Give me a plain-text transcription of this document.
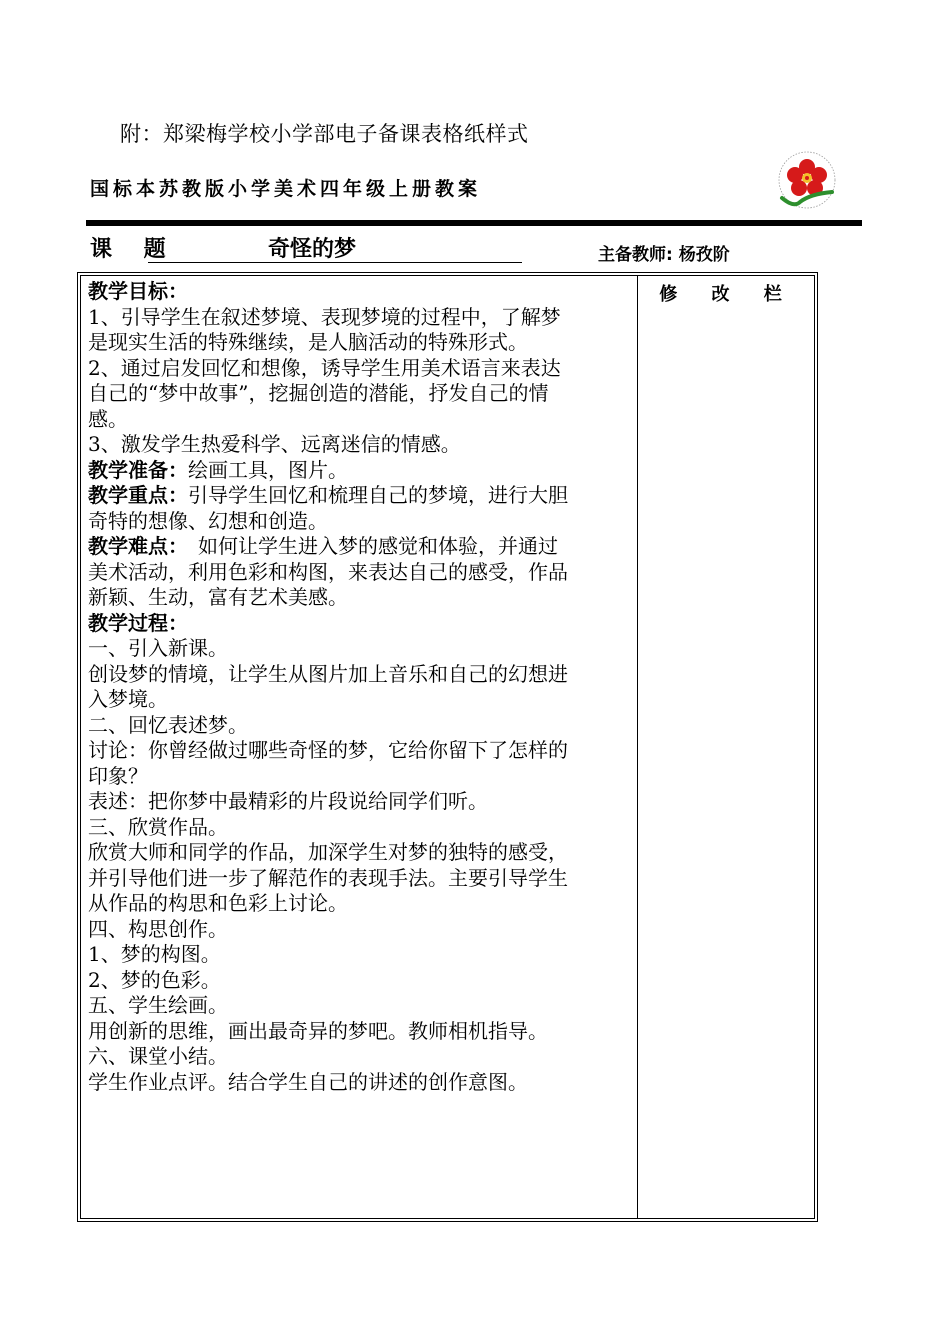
附：郑梁梅学校小学部电子备课表格纸样式
国标本苏教版小学美术四年级上册教案
课 题	奇怪的梦	主备教师: 杨孜阶
修 改 栏
教学目标：
1、引导学生在叙述梦境、表现梦境的过程中，了解梦
是现实生活的特殊继续，是人脑活动的特殊形式。
2、通过启发回忆和想像，诱导学生用美术语言来表达
自己的“梦中故事”，挖掘创造的潜能，抒发自己的情
感。
3、激发学生热爱科学、远离迷信的情感。
教学准备：绘画工具，图片。
教学重点：引导学生回忆和梳理自己的梦境，进行大胆
奇特的想像、幻想和创造。
教学难点：　如何让学生进入梦的感觉和体验，并通过
美术活动，利用色彩和构图，来表达自己的感受，作品
新颖、生动，富有艺术美感。
教学过程：
一、引入新课。
创设梦的情境，让学生从图片加上音乐和自己的幻想进
入梦境。
二、回忆表述梦。
讨论：你曾经做过哪些奇怪的梦，它给你留下了怎样的
印象？
表述：把你梦中最精彩的片段说给同学们听。
三、欣赏作品。
欣赏大师和同学的作品，加深学生对梦的独特的感受，
并引导他们进一步了解范作的表现手法。主要引导学生
从作品的构思和色彩上讨论。
四、构思创作。
1、梦的构图。
2、梦的色彩。
五、学生绘画。
用创新的思维，画出最奇异的梦吧。教师相机指导。
六、课堂小结。
学生作业点评。结合学生自己的讲述的创作意图。
